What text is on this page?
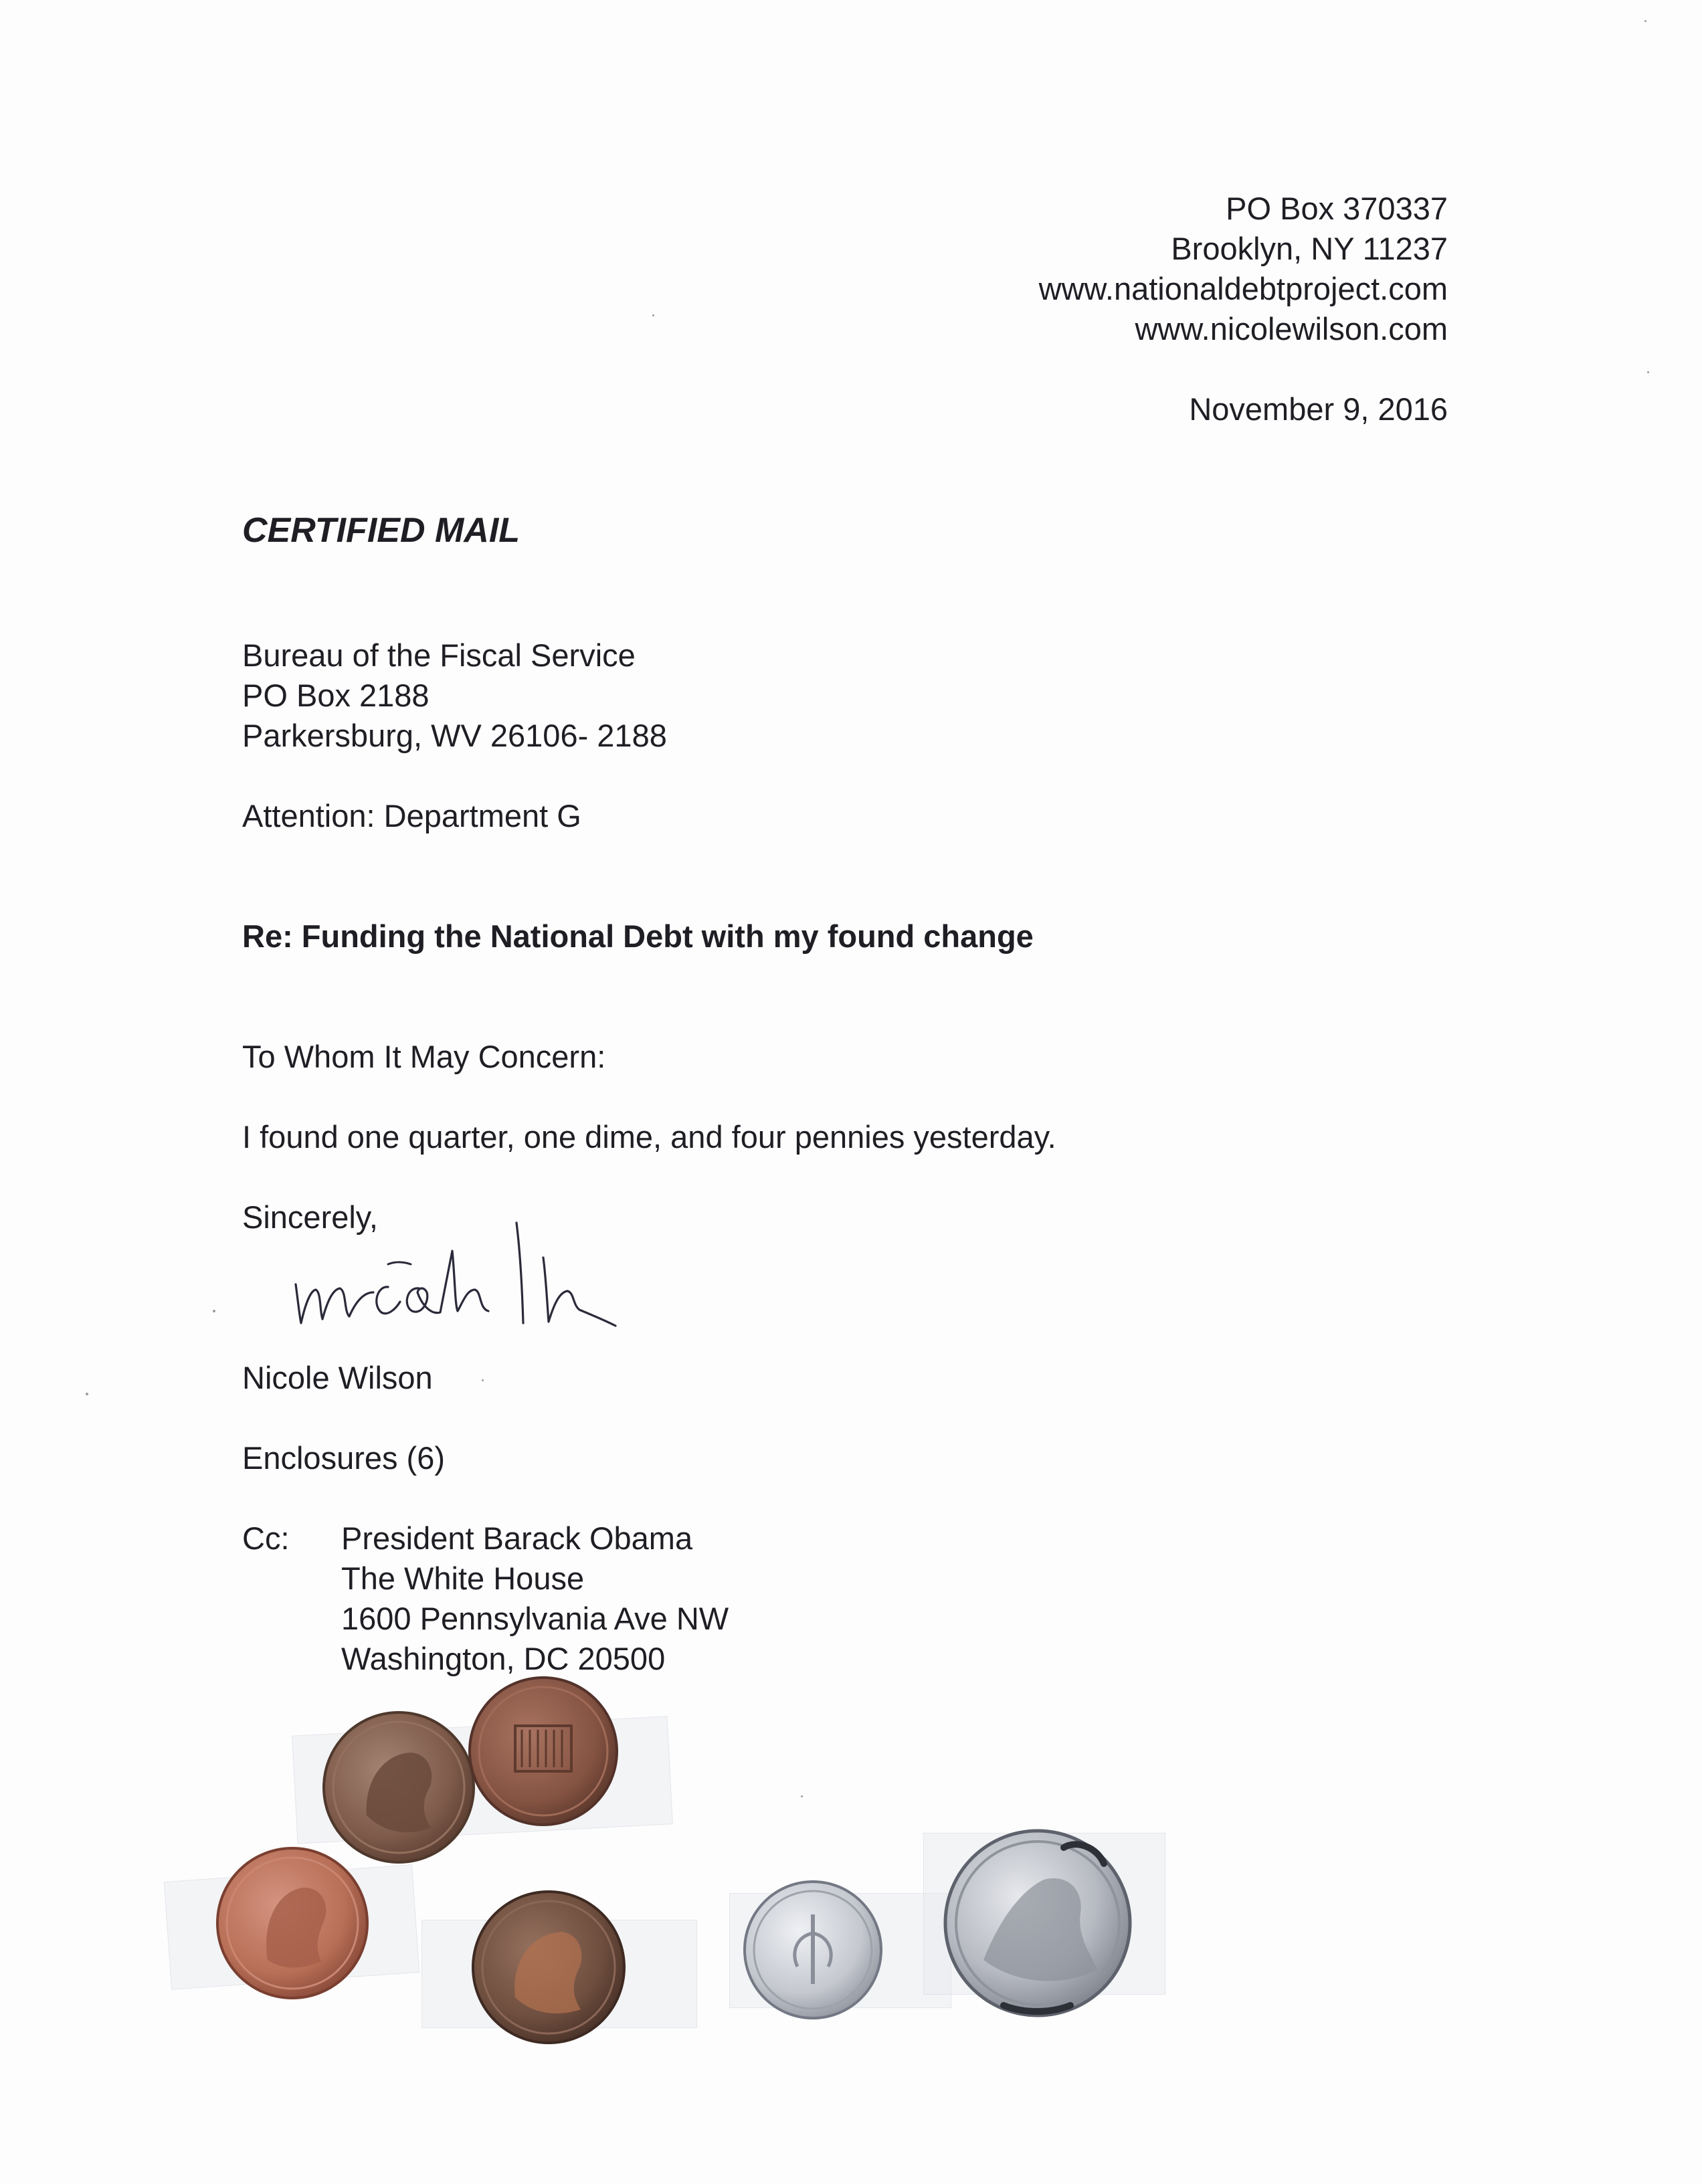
PO Box 370337
Brooklyn, NY 11237
www.nationaldebtproject.com
www.nicolewilson.com
November 9, 2016
CERTIFIED MAIL
Bureau of the Fiscal Service
PO Box 2188
Parkersburg, WV 26106- 2188
Attention: Department G
Re: Funding the National Debt with my found change
To Whom It May Concern:
I found one quarter, one dime, and four pennies yesterday.
Sincerely,
Nicole Wilson
Enclosures (6)
Cc: President Barack Obama
The White House
1600 Pennsylvania Ave NW
Washington, DC 20500
